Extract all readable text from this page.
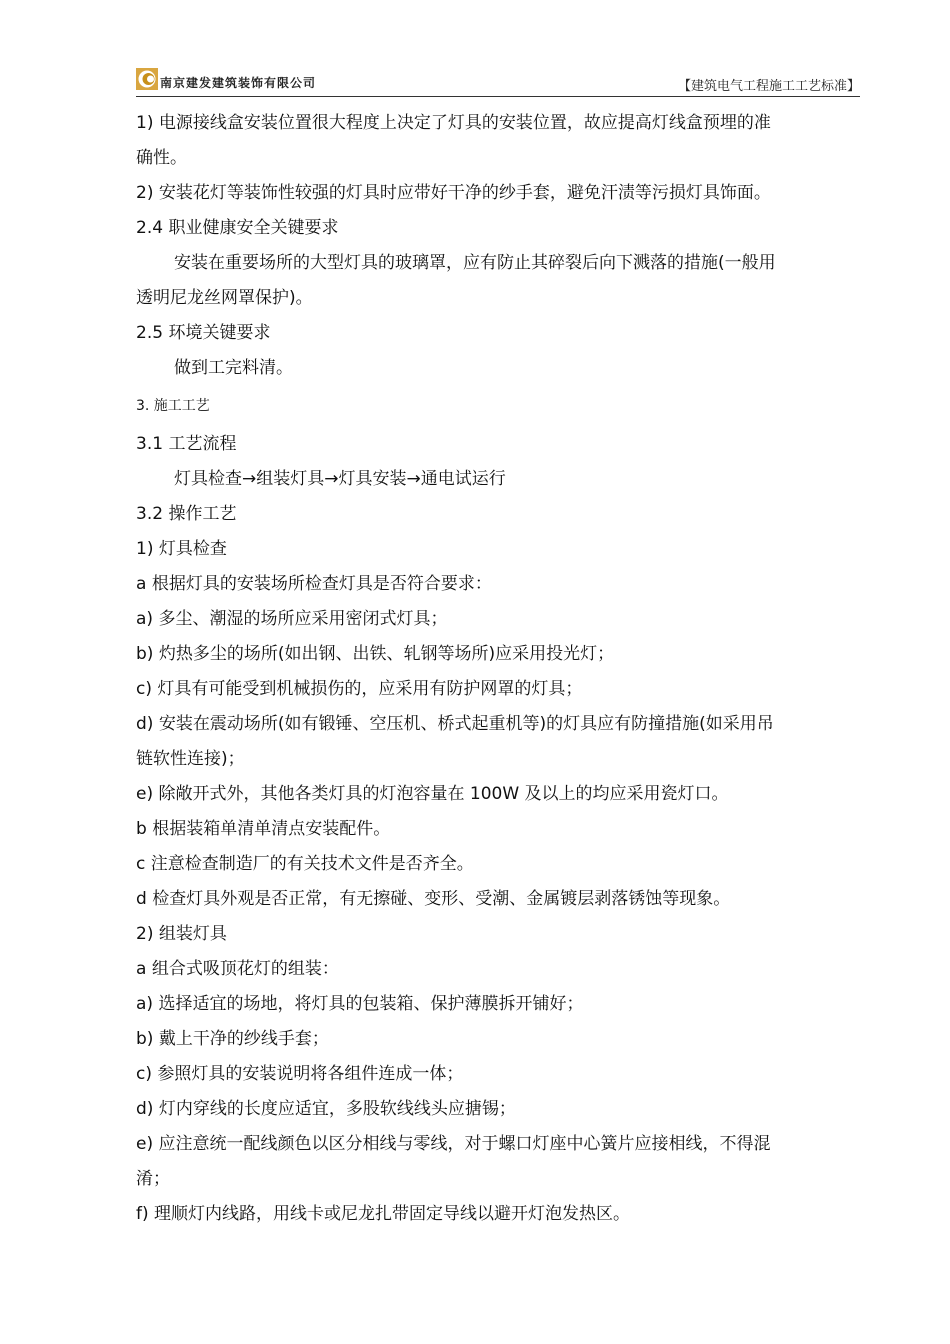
南京建发建筑装饰有限公司	【建筑电气工程施工工艺标准】
1) 电源接线盒安装位置很大程度上决定了灯具的安装位置，故应提高灯线盒预埋的准
确性。
2) 安装花灯等装饰性较强的灯具时应带好干净的纱手套，避免汗渍等污损灯具饰面。
2.4 职业健康安全关键要求
安装在重要场所的大型灯具的玻璃罩，应有防止其碎裂后向下溅落的措施(一般用
透明尼龙丝网罩保护)。
2.5 环境关键要求
做到工完料清。
3. 施工工艺
3.1 工艺流程
灯具检查→组装灯具→灯具安装→通电试运行
3.2 操作工艺
1) 灯具检查
a 根据灯具的安装场所检查灯具是否符合要求：
a) 多尘、潮湿的场所应采用密闭式灯具；
b) 灼热多尘的场所(如出钢、出铁、轧钢等场所)应采用投光灯；
c) 灯具有可能受到机械损伤的，应采用有防护网罩的灯具；
d) 安装在震动场所(如有锻锤、空压机、桥式起重机等)的灯具应有防撞措施(如采用吊
链软性连接)；
e) 除敞开式外，其他各类灯具的灯泡容量在 100W 及以上的均应采用瓷灯口。
b 根据装箱单清单清点安装配件。
c 注意检查制造厂的有关技术文件是否齐全。
d 检查灯具外观是否正常，有无擦碰、变形、受潮、金属镀层剥落锈蚀等现象。
2) 组装灯具
a 组合式吸顶花灯的组装：
a) 选择适宜的场地，将灯具的包装箱、保护薄膜拆开铺好；
b) 戴上干净的纱线手套；
c) 参照灯具的安装说明将各组件连成一体；
d) 灯内穿线的长度应适宜，多股软线线头应搪锡；
e) 应注意统一配线颜色以区分相线与零线，对于螺口灯座中心簧片应接相线，不得混
淆；
f) 理顺灯内线路，用线卡或尼龙扎带固定导线以避开灯泡发热区。
